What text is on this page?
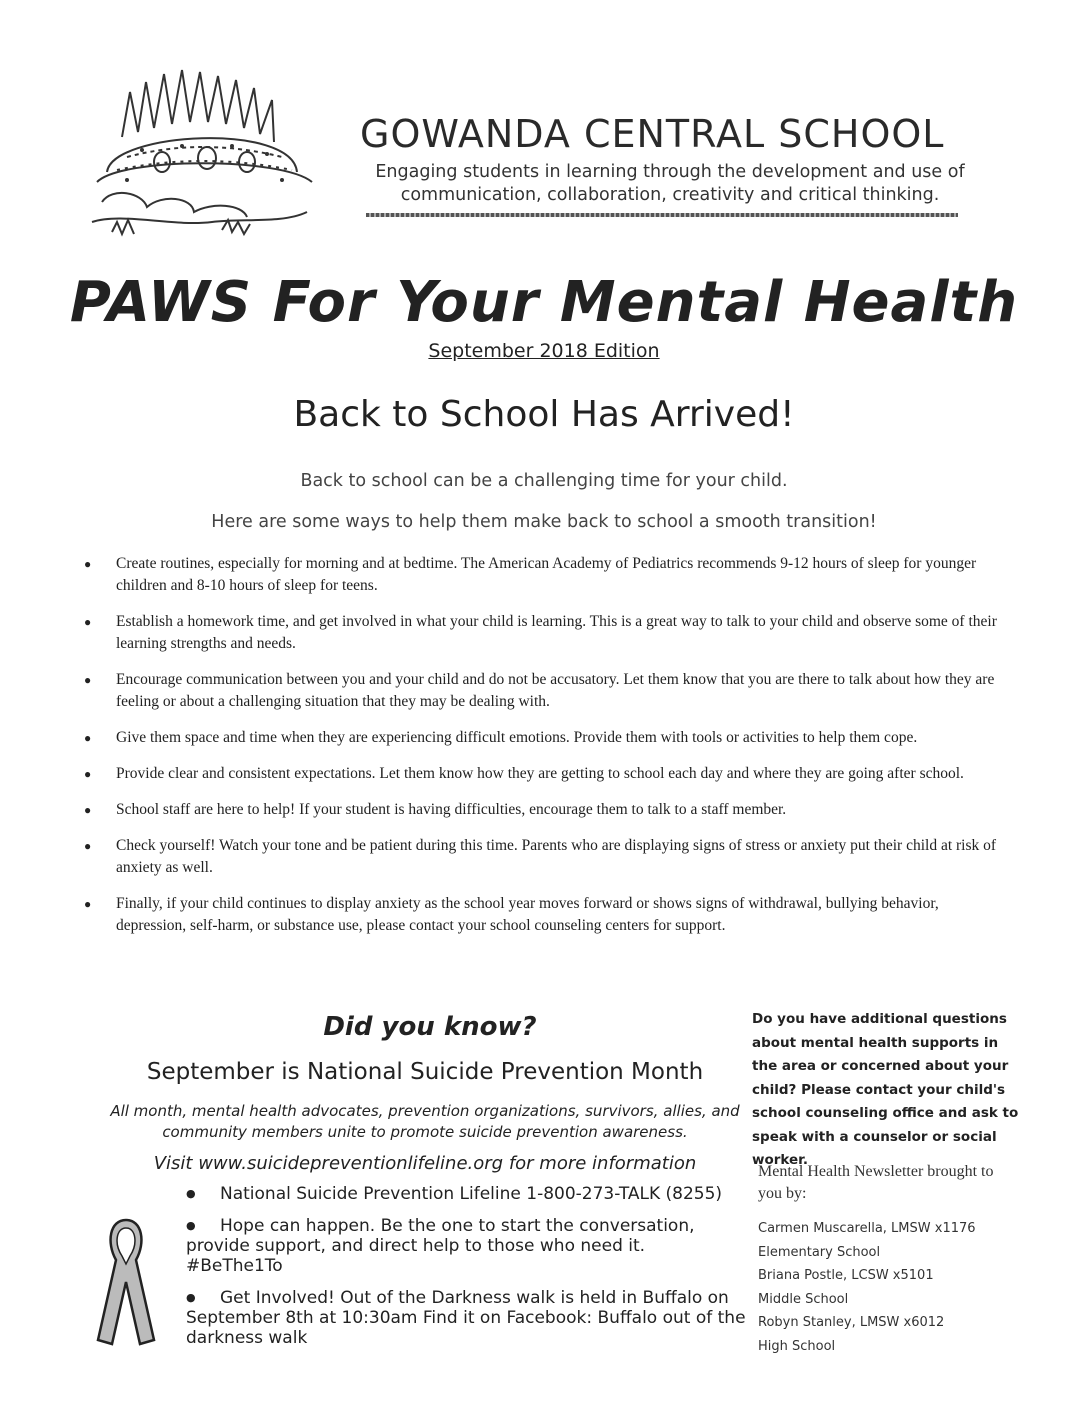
GOWANDA CENTRAL SCHOOL
Engaging students in learning through the development and use of
communication, collaboration, creativity and critical thinking.
PAWS For Your Mental Health
September 2018 Edition
Back to School Has Arrived!
Back to school can be a challenging time for your child.
Here are some ways to help them make back to school a smooth transition!
● Create routines, especially for morning and at bedtime. The American Academy of Pediatrics recommends 9-12 hours of sleep for younger children and 8-10 hours of sleep for teens.
● Establish a homework time, and get involved in what your child is learning. This is a great way to talk to your child and observe some of their learning strengths and needs.
● Encourage communication between you and your child and do not be accusatory. Let them know that you are there to talk about how they are feeling or about a challenging situation that they may be dealing with.
● Give them space and time when they are experiencing difficult emotions. Provide them with tools or activities to help them cope.
● Provide clear and consistent expectations. Let them know how they are getting to school each day and where they are going after school.
● School staff are here to help! If your student is having difficulties, encourage them to talk to a staff member.
● Check yourself! Watch your tone and be patient during this time. Parents who are displaying signs of stress or anxiety put their child at risk of anxiety as well.
● Finally, if your child continues to display anxiety as the school year moves forward or shows signs of withdrawal, bullying behavior, depression, self-harm, or substance use, please contact your school counseling centers for support.
Did you know?
September is National Suicide Prevention Month
All month, mental health advocates, prevention organizations, survivors, allies, and community members unite to promote suicide prevention awareness.
Visit www.suicidepreventionlifeline.org for more information
● National Suicide Prevention Lifeline 1-800-273-TALK (8255)
● Hope can happen. Be the one to start the conversation, provide support, and direct help to those who need it. #BeThe1To
● Get Involved! Out of the Darkness walk is held in Buffalo on September 8th at 10:30am Find it on Facebook: Buffalo out of the darkness walk
Do you have additional questions about mental health supports in the area or concerned about your child? Please contact your child's school counseling office and ask to speak with a counselor or social worker.
Mental Health Newsletter brought to you by:
Carmen Muscarella, LMSW x1176
Elementary School
Briana Postle, LCSW x5101
Middle School
Robyn Stanley, LMSW x6012
High School
